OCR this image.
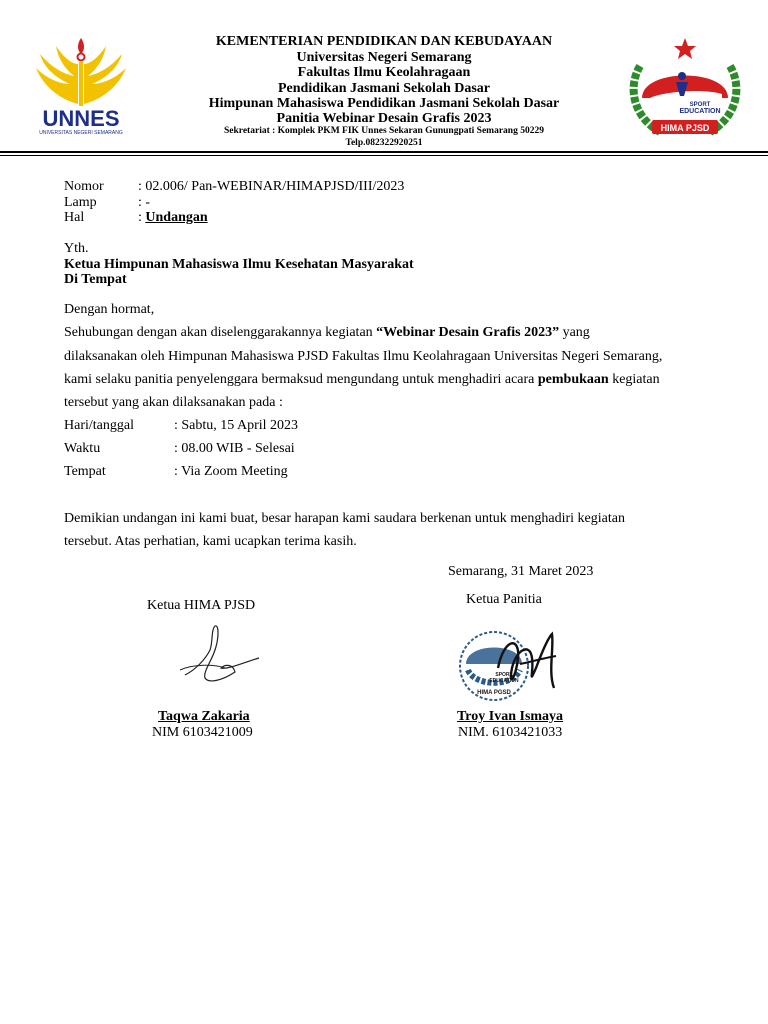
UNNES
UNIVERSITAS NEGERI SEMARANG
SPORT
EDUCATION
HIMA PJSD
KEMENTERIAN PENDIDIKAN DAN KEBUDAYAAN
Universitas Negeri Semarang
Fakultas Ilmu Keolahragaan
Pendidikan Jasmani Sekolah Dasar
Himpunan Mahasiswa Pendidikan Jasmani Sekolah Dasar
Panitia Webinar Desain Grafis 2023
Sekretariat : Komplek PKM FIK Unnes Sekaran Gunungpati Semarang 50229
Telp.082322920251
Nomor : 02.006/ Pan-WEBINAR/HIMAPJSD/III/2023
Lamp	: -
Hal	: Undangan
Yth.
Ketua Himpunan Mahasiswa Ilmu Kesehatan Masyarakat
Di Tempat
Dengan hormat,
Sehubungan dengan akan diselenggarakannya kegiatan “Webinar Desain Grafis 2023” yang
dilaksanakan oleh Himpunan Mahasiswa PJSD Fakultas Ilmu Keolahragaan Universitas Negeri Semarang,
kami selaku panitia penyelenggara bermaksud mengundang untuk menghadiri acara pembukaan kegiatan
tersebut yang akan dilaksanakan pada :
Hari/tanggal	: Sabtu, 15 April 2023
Waktu	: 08.00 WIB - Selesai
Tempat	: Via Zoom Meeting
Demikian undangan ini kami buat, besar harapan kami saudara berkenan untuk menghadiri kegiatan
tersebut. Atas perhatian, kami ucapkan terima kasih.
Semarang, 31 Maret 2023
Ketua HIMA PJSD	Ketua Panitia
SPORT
EDUCATION
HIMA PGSD
Taqwa Zakaria
NIM 6103421009
Troy Ivan Ismaya
NIM. 6103421033
